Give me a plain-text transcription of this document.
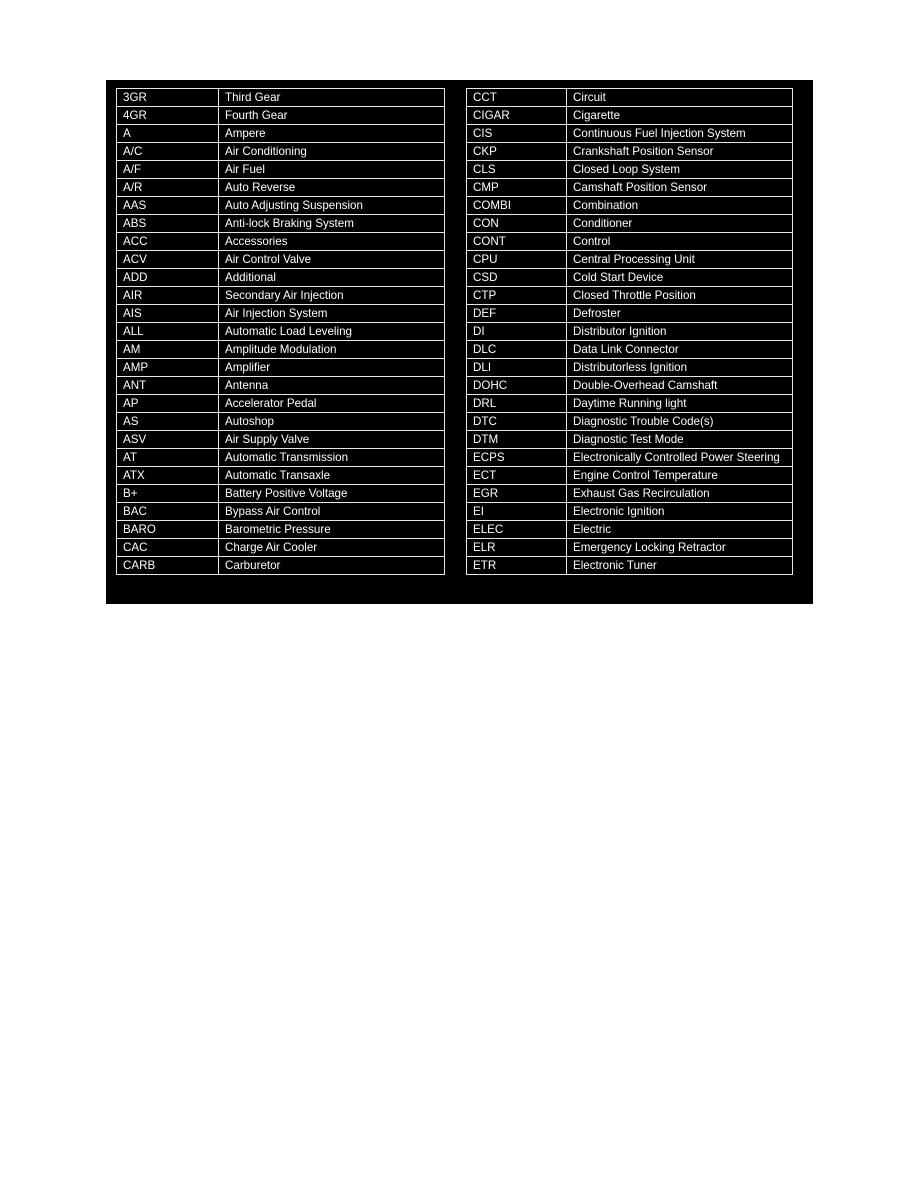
3GR	Third Gear
4GR	Fourth Gear
A	Ampere
A/C	Air Conditioning
A/F	Air Fuel
A/R	Auto Reverse
AAS	Auto Adjusting Suspension
ABS	Anti-lock Braking System
ACC	Accessories
ACV	Air Control Valve
ADD	Additional
AIR	Secondary Air Injection
AIS	Air Injection System
ALL	Automatic Load Leveling
AM	Amplitude Modulation
AMP	Amplifier
ANT	Antenna
AP	Accelerator Pedal
AS	Autoshop
ASV	Air Supply Valve
AT	Automatic Transmission
ATX	Automatic Transaxle
B+	Battery Positive Voltage
BAC	Bypass Air Control
BARO	Barometric Pressure
CAC	Charge Air Cooler
CARB	Carburetor
CCT	Circuit
CIGAR	Cigarette
CIS	Continuous Fuel Injection System
CKP	Crankshaft Position Sensor
CLS	Closed Loop System
CMP	Camshaft Position Sensor
COMBI	Combination
CON	Conditioner
CONT	Control
CPU	Central Processing Unit
CSD	Cold Start Device
CTP	Closed Throttle Position
DEF	Defroster
DI	Distributor Ignition
DLC	Data Link Connector
DLI	Distributorless Ignition
DOHC	Double-Overhead Camshaft
DRL	Daytime Running light
DTC	Diagnostic Trouble Code(s)
DTM	Diagnostic Test Mode
ECPS	Electronically Controlled Power Steering
ECT	Engine Control Temperature
EGR	Exhaust Gas Recirculation
EI	Electronic Ignition
ELEC	Electric
ELR	Emergency Locking Retractor
ETR	Electronic Tuner
